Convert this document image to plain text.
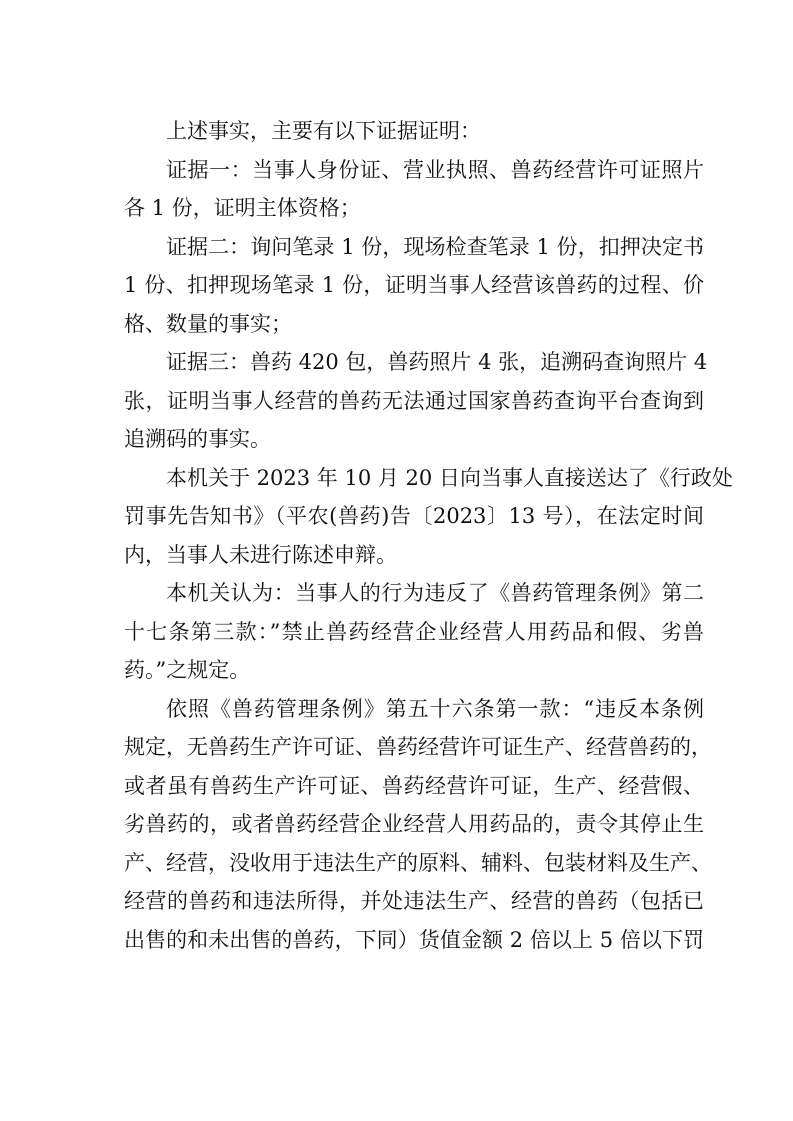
上述事实，主要有以下证据证明：
证据一：当事人身份证、营业执照、兽药经营许可证照片
各 1 份，证明主体资格；
证据二：询问笔录 1 份，现场检查笔录 1 份，扣押决定书
1 份、扣押现场笔录 1 份，证明当事人经营该兽药的过程、价
格、数量的事实；
证据三：兽药 420 包，兽药照片 4 张，追溯码查询照片 4
张，证明当事人经营的兽药无法通过国家兽药查询平台查询到
追溯码的事实。
本机关于 2023 年 10 月 20 日向当事人直接送达了《行政处
罚事先告知书》（平农(兽药)告〔2023〕13 号），在法定时间
内，当事人未进行陈述申辩。
本机关认为：当事人的行为违反了《兽药管理条例》第二
十七条第三款：”禁止兽药经营企业经营人用药品和假、劣兽
药。”之规定。
依照《兽药管理条例》第五十六条第一款：“违反本条例
规定，无兽药生产许可证、兽药经营许可证生产、经营兽药的，
或者虽有兽药生产许可证、兽药经营许可证，生产、经营假、
劣兽药的，或者兽药经营企业经营人用药品的，责令其停止生
产、经营，没收用于违法生产的原料、辅料、包装材料及生产、
经营的兽药和违法所得，并处违法生产、经营的兽药（包括已
出售的和未出售的兽药，下同）货值金额 2 倍以上 5 倍以下罚
